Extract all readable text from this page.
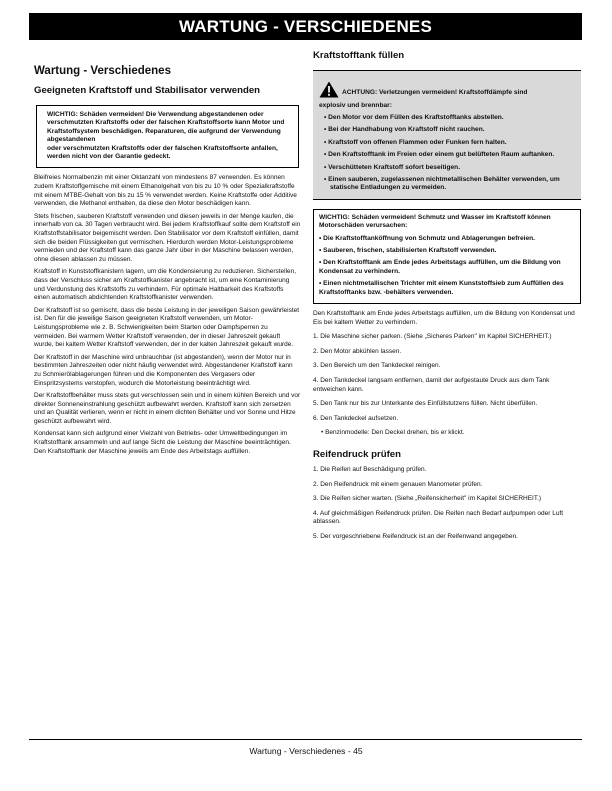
WARTUNG - VERSCHIEDENES
Wartung - Verschiedenes
Geeigneten Kraftstoff und Stabilisator verwenden

WICHTIG: Schäden vermeiden! Die Verwendung abgestandenen oder verschmutzten Kraftstoffs oder der falschen Kraftstoffsorte kann Motor und Kraftstoffsystem beschädigen. Reparaturen, die aufgrund der Verwendung abgestandenen

oder verschmutzten Kraftstoffs oder der falschen Kraftstoffsorte anfallen, werden nicht von der Garantie gedeckt.

Bleifreies Normalbenzin mit einer Oktanzahl von mindestens 87 verwenden. Es können zudem Kraftstoffgemische mit einem Ethanolgehalt von bis zu 10 % oder Spezialkraftstoffe mit einem MTBE-Gehalt von bis zu 15 % verwendet werden. Keine Kraftstoffe oder Additive verwenden, die Methanol enthalten, da diese den Motor beschädigen kann.

Stets frischen, sauberen Kraftstoff verwenden und diesen jeweils in der Menge kaufen, die innerhalb von ca. 30 Tagen verbraucht wird. Bei jedem Kraftstoffkauf sollte dem Kraftstoff ein Kraftstoffstabilisator beigemischt werden. Den Stabilisator vor dem Kraftstoff einfüllen, damit sich die beiden Flüssigkeiten gut vermischen. Hierdurch werden Motor-Leistungsprobleme vermieden und der Kraftstoff kann das ganze Jahr über in der Maschine belassen werden, ohne diesen ablassen zu müssen.

Kraftstoff in Kunststoffkanistern lagern, um die Kondensierung zu reduzieren. Sicherstellen, dass der Verschluss sicher am Kraftstoffkanister angebracht ist, um eine Kontaminierung und Verdunstung des Kraftstoffs zu verhindern. Für optimale Haltbarkeit des Kraftstoffs einen automatisch abdichtenden Kraftstoffkanister verwenden.

Der Kraftstoff ist so gemischt, dass die beste Leistung in der jeweiligen Saison gewährleistet ist. Den für die jeweilige Saison geeigneten Kraftstoff verwenden, um Motor-Leistungsprobleme wie z. B. Schwierigkeiten beim Starten oder Dampfsperren zu vermeiden. Bei warmem Wetter Kraftstoff verwenden, der in dieser Jahreszeit gekauft wurde, bei kaltem Wetter Kraftstoff verwenden, der in der kalten Jahreszeit gekauft wurde.

Der Kraftstoff in der Maschine wird unbrauchbar (ist abgestanden), wenn der Motor nur in bestimmten Jahreszeiten oder nicht häufig verwendet wird. Abgestandener Kraftstoff kann zu Schmierölablagerungen führen und die Komponenten des Vergasers oder Einspritzsystems verstopfen, wodurch die Motorleistung beeinträchtigt wird.

Der Kraftstoffbehälter muss stets gut verschlossen sein und in einem kühlen Bereich und vor direkter Sonneneinstrahlung geschützt aufbewahrt werden. Kraftstoff kann sich zersetzen und an Qualität verlieren, wenn er nicht in einem dichten Behälter und vor Sonne und Hitze geschützt aufbewahrt wird.

Kondensat kann sich aufgrund einer Vielzahl von Betriebs- oder Umweltbedingungen im Kraftstofftank ansammeln und auf lange Sicht die Leistung der Maschine beeinträchtigen. Den Kraftstofftank der Maschine jeweils am Ende des Arbeitstags auffüllen.

Kraftstofftank füllen
ACHTUNG: Verletzungen vermeiden! Kraftstoffdämpfe sind
explosiv und brennbar:
• Den Motor vor dem Füllen des Kraftstofftanks abstellen.
• Bei der Handhabung von Kraftstoff nicht rauchen.
• Kraftstoff von offenen Flammen oder Funken fern halten.
• Den Kraftstofftank im Freien oder einem gut belüfteten Raum auftanken.
• Verschütteten Kraftstoff sofort beseitigen.
• Einen sauberen, zugelassenen nichtmetallischen Behälter verwenden, um statische Entladungen zu vermeiden.

WICHTIG: Schäden vermeiden! Schmutz und Wasser im Kraftstoff können Motorschäden verursachen:

• Die Kraftstofftanköffnung von Schmutz und Ablagerungen befreien.

• Sauberen, frischen, stabilisierten Kraftstoff verwenden.

• Den Kraftstofftank am Ende jedes Arbeitstags auffüllen, um die Bildung von Kondensat zu verhindern.

• Einen nichtmetallischen Trichter mit einem Kunststoffsieb zum Auffüllen des Kraftstofftanks bzw. -behälters verwenden.

Den Kraftstofftank am Ende jedes Arbeitstags auffüllen, um die Bildung von Kondensat und Eis bei kaltem Wetter zu verhindern.

1. Die Maschine sicher parken. (Siehe „Sicheres Parken" im Kapitel SICHERHEIT.)

2. Den Motor abkühlen lassen.

3. Den Bereich um den Tankdeckel reinigen.

4. Den Tankdeckel langsam entfernen, damit der aufgestaute Druck aus dem Tank entweichen kann.

5. Den Tank nur bis zur Unterkante des Einfüllstutzens füllen. Nicht überfüllen.

6. Den Tankdeckel aufsetzen.

• Benzinmodelle: Den Deckel drehen, bis er klickt.

Reifendruck prüfen

1. Die Reifen auf Beschädigung prüfen.

2. Den Reifendruck mit einem genauen Manometer prüfen.

3. Die Reifen sicher warten. (Siehe „Reifensicherheit" im Kapitel SICHERHEIT.)

4. Auf gleichmäßigen Reifendruck prüfen. Die Reifen nach Bedarf aufpumpen oder Luft ablassen.

5. Der vorgeschriebene Reifendruck ist an der Reifenwand angegeben.

Wartung - Verschiedenes - 45
